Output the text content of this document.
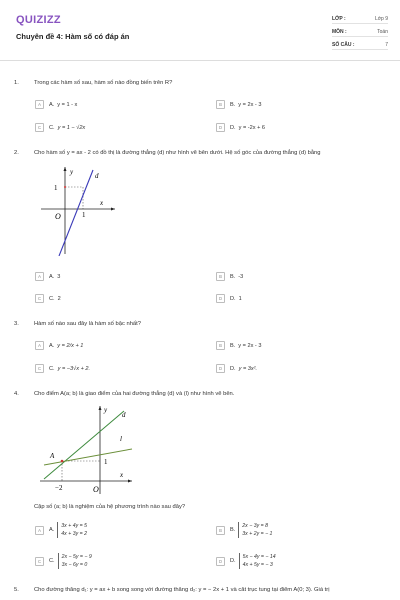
QUIZIZZ
Chuyên đề 4: Hàm số có đáp án
LỚP :	Lớp 9
MÔN :	Toán
SỐ CÂU :	7
1.	Trong các hàm số sau, hàm số nào đồng biến trên R?
A	A. y = 1 - x	B	B. y = 2x - 3
C	C. y = 1 − √2x	D	D. y = -2x + 6
2.	Cho hàm số y = ax - 2 có đồ thị là đường thẳng (d) như hình vẽ bên dưới. Hệ số góc của đường thẳng (d) bằng
y	d
1
x
1
O
A	A. 3	B	B. -3
C	C. 2	D	D. 1
3.	Hàm số nào sau đây là hàm số bậc nhất?
A	A. y = 2/x + 1	B	B. y = 2x - 3
C	C. y = −3√x + 2.	D	D. y = 3x².
4.	Cho điểm A(a; b) là giao điểm của hai đường thẳng (d) và (l) như hình vẽ bên.
y
d
l
A
1
x
−2	O
Cặp số (a; b) là nghiệm của hệ phương trình nào sau đây?
A	A.
3x + 4y = 5
4x + 3y = 2
B	B.
2x − 3y = 8
3x + 2y = − 1
C	C.
2x − 5y = − 9
3x − 6y = 0
D	D.
5x − 4y = − 14
4x + 5y = − 3
5.	Cho đường thẳng d₁: y = ax + b song song với đường thẳng d₂: y = − 2x + 1 và cắt trục tung tại điểm A(0; 3). Giá trị
